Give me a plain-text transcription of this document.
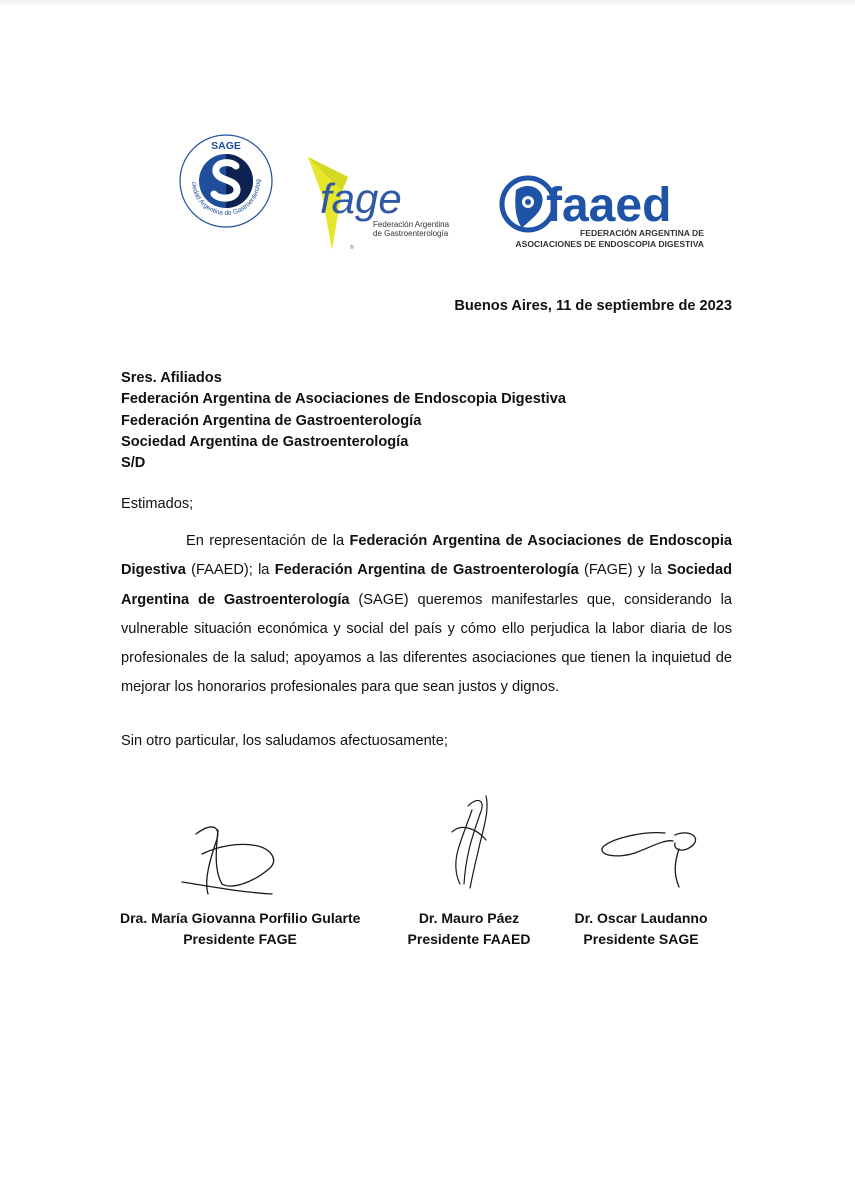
SAGE
Sociedad Argentina de Gastroenterología
fage
Federación Argentina
de Gastroenterología
®
faaed
FEDERACIÓN ARGENTINA DE
ASOCIACIONES DE ENDOSCOPIA DIGESTIVA
Buenos Aires, 11 de septiembre de 2023
Sres. Afiliados
Federación Argentina de Asociaciones de Endoscopia Digestiva
Federación Argentina de Gastroenterología
Sociedad Argentina de Gastroenterología
S/D
Estimados;

En representación de la Federación Argentina de Asociaciones de Endoscopia Digestiva (FAAED); la Federación Argentina de Gastroenterología (FAGE) y la Sociedad Argentina de Gastroenterología (SAGE) queremos manifestarles que, considerando la vulnerable situación económica y social del país y cómo ello perjudica la labor diaria de los profesionales de la salud; apoyamos a las diferentes asociaciones que tienen la inquietud de mejorar los honorarios profesionales para que sean justos y dignos.

Sin otro particular, los saludamos afectuosamente;
Dra. María Giovanna Porfilio Gularte
Presidente FAGE
Dr. Mauro Páez
Presidente FAAED
Dr. Oscar Laudanno
Presidente SAGE
